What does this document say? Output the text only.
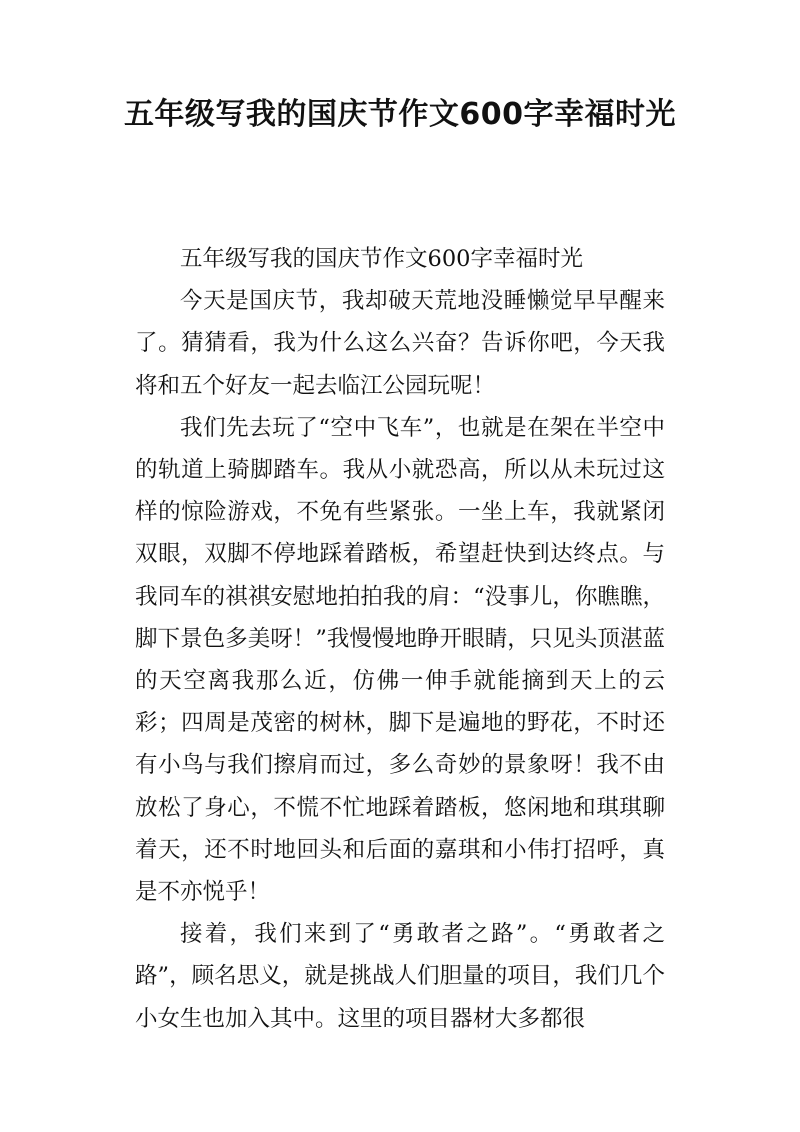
五年级写我的国庆节作文600字幸福时光

五年级写我的国庆节作文600字幸福时光

今天是国庆节，我却破天荒地没睡懒觉早早醒来了。猜猜看，我为什么这么兴奋？告诉你吧，今天我将和五个好友一起去临江公园玩呢！

我们先去玩了“空中飞车”，也就是在架在半空中的轨道上骑脚踏车。我从小就恐高，所以从未玩过这样的惊险游戏，不免有些紧张。一坐上车，我就紧闭双眼，双脚不停地踩着踏板，希望赶快到达终点。与我同车的祺祺安慰地拍拍我的肩：“没事儿，你瞧瞧，脚下景色多美呀！”我慢慢地睁开眼睛，只见头顶湛蓝的天空离我那么近，仿佛一伸手就能摘到天上的云彩；四周是茂密的树林，脚下是遍地的野花，不时还有小鸟与我们擦肩而过，多么奇妙的景象呀！我不由放松了身心，不慌不忙地踩着踏板，悠闲地和琪琪聊着天，还不时地回头和后面的嘉琪和小伟打招呼，真是不亦悦乎！

接着，我们来到了“勇敢者之路”。“勇敢者之路”，顾名思义，就是挑战人们胆量的项目，我们几个小女生也加入其中。这里的项目器材大多都很
